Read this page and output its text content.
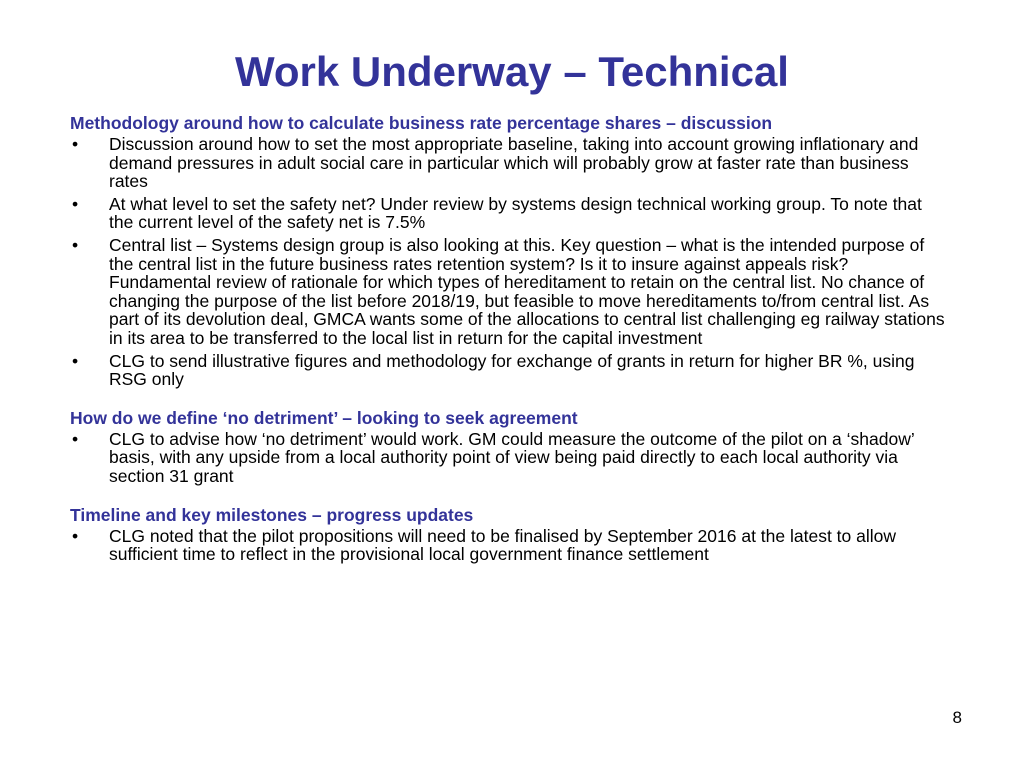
Work Underway – Technical
Methodology around how to calculate business rate percentage shares – discussion
• Discussion around how to set the most appropriate baseline, taking into account growing inflationary and demand pressures in adult social care in particular which will probably grow at faster rate than business rates
• At what level to set the safety net? Under review by systems design technical working group. To note that the current level of the safety net is 7.5%
• Central list – Systems design group is also looking at this. Key question – what is the intended purpose of the central list in the future business rates retention system? Is it to insure against appeals risk? Fundamental review of rationale for which types of hereditament to retain on the central list. No chance of changing the purpose of the list before 2018/19, but feasible to move hereditaments to/from central list. As part of its devolution deal, GMCA wants some of the allocations to central list challenging eg railway stations in its area to be transferred to the local list in return for the capital investment
• CLG to send illustrative figures and methodology for exchange of grants in return for higher BR %, using RSG only
How do we define ‘no detriment’ – looking to seek agreement
• CLG to advise how ‘no detriment’ would work. GM could measure the outcome of the pilot on a ‘shadow’ basis, with any upside from a local authority point of view being paid directly to each local authority via section 31 grant
Timeline and key milestones – progress updates
• CLG noted that the pilot propositions will need to be finalised by September 2016 at the latest to allow sufficient time to reflect in the provisional local government finance settlement
8
